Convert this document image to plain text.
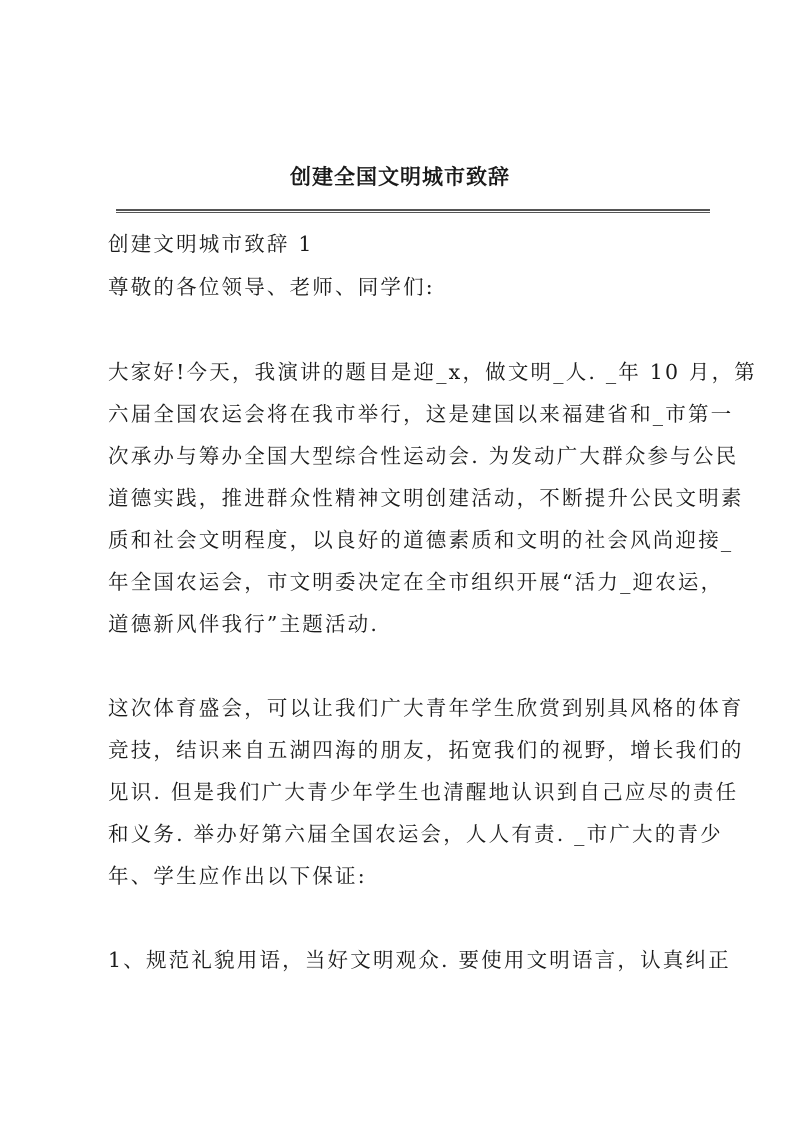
创建全国文明城市致辞
创建文明城市致辞 1
尊敬的各位领导、老师、同学们:
大家好!今天，我演讲的题目是迎_x，做文明_人. _年 10 月，第
六届全国农运会将在我市举行，这是建国以来福建省和_市第一
次承办与筹办全国大型综合性运动会. 为发动广大群众参与公民
道德实践，推进群众性精神文明创建活动，不断提升公民文明素
质和社会文明程度，以良好的道德素质和文明的社会风尚迎接_
年全国农运会，市文明委决定在全市组织开展“活力_迎农运，
道德新风伴我行”主题活动.
这次体育盛会，可以让我们广大青年学生欣赏到别具风格的体育
竞技，结识来自五湖四海的朋友，拓宽我们的视野，增长我们的
见识. 但是我们广大青少年学生也清醒地认识到自己应尽的责任
和义务. 举办好第六届全国农运会，人人有责. _市广大的青少
年、学生应作出以下保证:
1、规范礼貌用语，当好文明观众. 要使用文明语言，认真纠正
